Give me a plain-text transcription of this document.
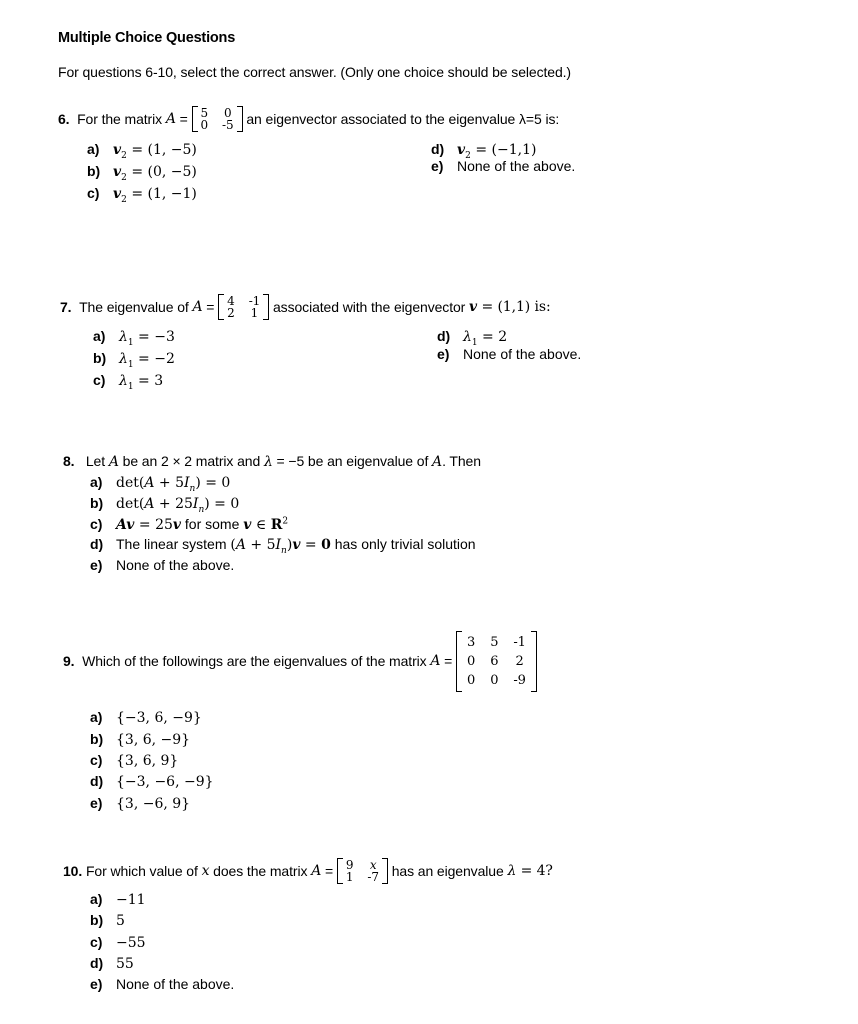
Multiple Choice Questions
For questions 6-10, select the correct answer. (Only one choice should be selected.)
6.
For the matrix
A = 5 0
0 -5
an eigenvector associated to the eigenvalue λ=5 is:
a) $v_2 = (1$, −5)
b) $v_2 = (0$, −5)
c) $v_2 = (1$, −1)
d) $v_2 = (-1,1)$
e) None of the above.
7.
The eigenvalue of
A = 4 -1
2 1
associated with the eigenvector
v = (1,1) is:
a) $\lambda_1 = -3$
b) $\lambda_1 = -2$
c) $\lambda_1 = 3$
d) $\lambda_1 = 2$
e) None of the above.
8. Let A be an 2 × 2 matrix and λ = −5 be an eigenvalue of A. Then
a) $\det(A + 5I_n) = 0$
b) $\det(A + 25I_n) = 0$
c) Av = 25v for some v ∈ $R^2$
d) The linear system $(A + 5I_n)v = 0$ has only trivial solution
e) None of the above.
9.
Which of the followings are the eigenvalues of the matrix
A =
3 5 -1
0 6 2
0 0 -9
a) {−3, 6, −9}
b) {3, 6, −9}
c) {3, 6, 9}
d) {−3, −6, −9}
e) {3, −6, 9}
10.
For which value of
x
does the matrix
A = 9 x
1 -7
has an eigenvalue
λ = 4?
a) −11
b) 5
c) −55
d) 55
e) None of the above.
